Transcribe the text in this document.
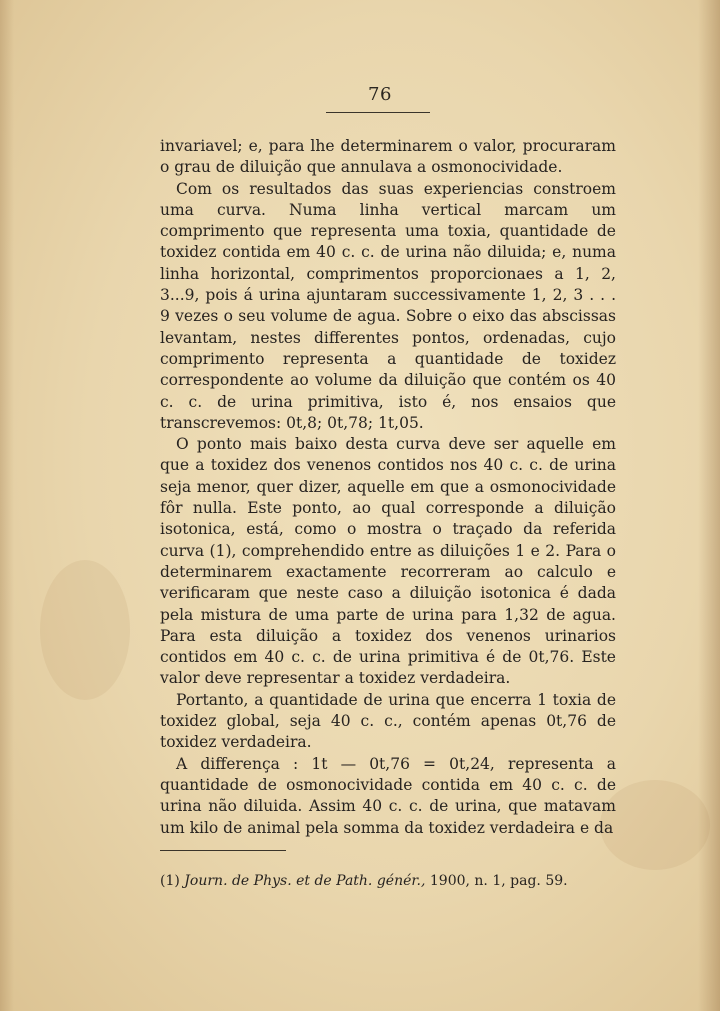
76

invariavel; e, para lhe determinarem o valor, procuraram o grau de diluição que annulava a osmonocividade.

Com os resultados das suas experiencias constroem uma curva. Numa linha vertical marcam um comprimento que representa uma toxia, quantidade de toxidez contida em 40 c. c. de urina não diluida; e, numa linha horizontal, comprimentos proporcionaes a 1, 2, 3...9, pois á urina ajuntaram successivamente 1, 2, 3 . . . 9 vezes o seu volume de agua. Sobre o eixo das abscissas levantam, nestes differentes pontos, ordenadas, cujo comprimento representa a quantidade de toxidez correspondente ao volume da diluição que contém os 40 c. c. de urina primitiva, isto é, nos ensaios que transcrevemos: 0t,8; 0t,78; 1t,05.

O ponto mais baixo desta curva deve ser aquelle em que a toxidez dos venenos contidos nos 40 c. c. de urina seja menor, quer dizer, aquelle em que a osmonocividade fôr nulla. Este ponto, ao qual corresponde a diluição isotonica, está, como o mostra o traçado da referida curva (1), comprehendido entre as diluições 1 e 2. Para o determinarem exactamente recorreram ao calculo e verificaram que neste caso a diluição isotonica é dada pela mistura de uma parte de urina para 1,32 de agua. Para esta diluição a toxidez dos venenos urinarios contidos em 40 c. c. de urina primitiva é de 0t,76. Este valor deve representar a toxidez verdadeira.

Portanto, a quantidade de urina que encerra 1 toxia de toxidez global, seja 40 c. c., contém apenas 0t,76 de toxidez verdadeira.

A differença : 1t — 0t,76 = 0t,24, representa a quantidade de osmonocividade contida em 40 c. c. de urina não diluida. Assim 40 c. c. de urina, que matavam um kilo de animal pela somma da toxidez verdadeira e da

(1) Journ. de Phys. et de Path. génér., 1900, n. 1, pag. 59.
